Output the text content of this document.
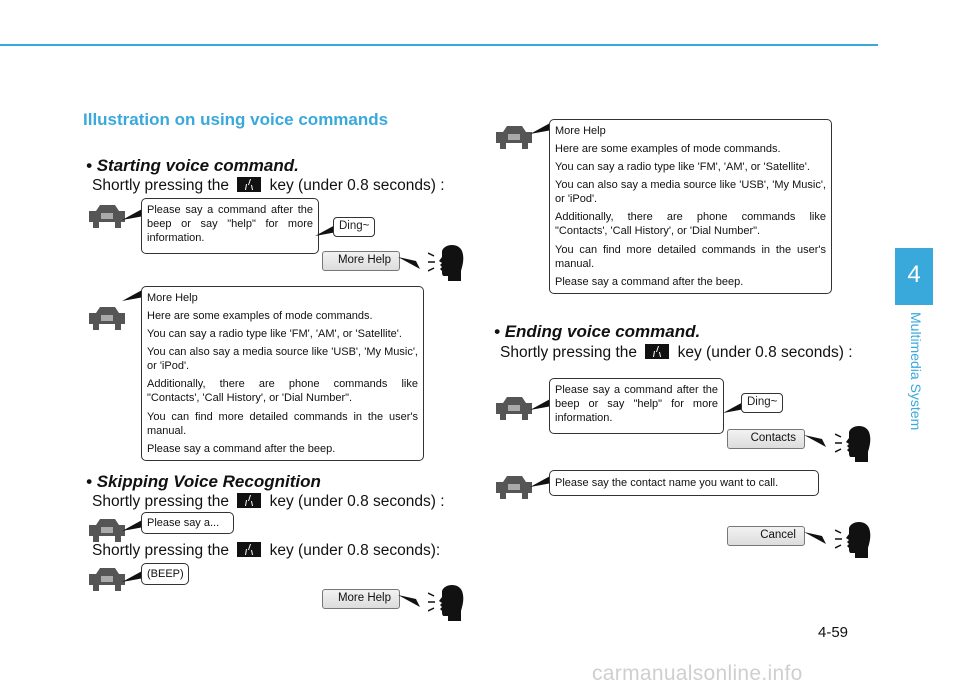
Illustration on using voice commands
• Starting voice command.
Shortly pressing the	key (under 0.8 seconds) :

Please say a command after the beep or say "help" for more information.

Ding~
More Help

More Help

Here are some examples of mode commands.

You can say a radio type like 'FM', 'AM', or 'Satellite'.

You can also say a media source like 'USB', 'My Music', or 'iPod'.

Additionally, there are phone commands like "Contacts', 'Call History', or 'Dial Number".

You can find more detailed commands in the user's manual.

Please say a command after the beep.

• Skipping Voice Recognition
Shortly pressing the	key (under 0.8 seconds) :
Please say a...
Shortly pressing the	key (under 0.8 seconds):
(BEEP)
More Help

More Help

Here are some examples of mode commands.

You can say a radio type like 'FM', 'AM', or 'Satellite'.

You can also say a media source like 'USB', 'My Music', or 'iPod'.

Additionally, there are phone commands like "Contacts', 'Call History', or 'Dial Number".

You can find more detailed commands in the user's manual.

Please say a command after the beep.

• Ending voice command.
Shortly pressing the	key (under 0.8 seconds) :

Please say a command after the beep or say "help" for more information.

Ding~
Contacts
Please say the contact name you want to call.
Cancel
4
Multimedia System
4-59
carmanualsonline.info
